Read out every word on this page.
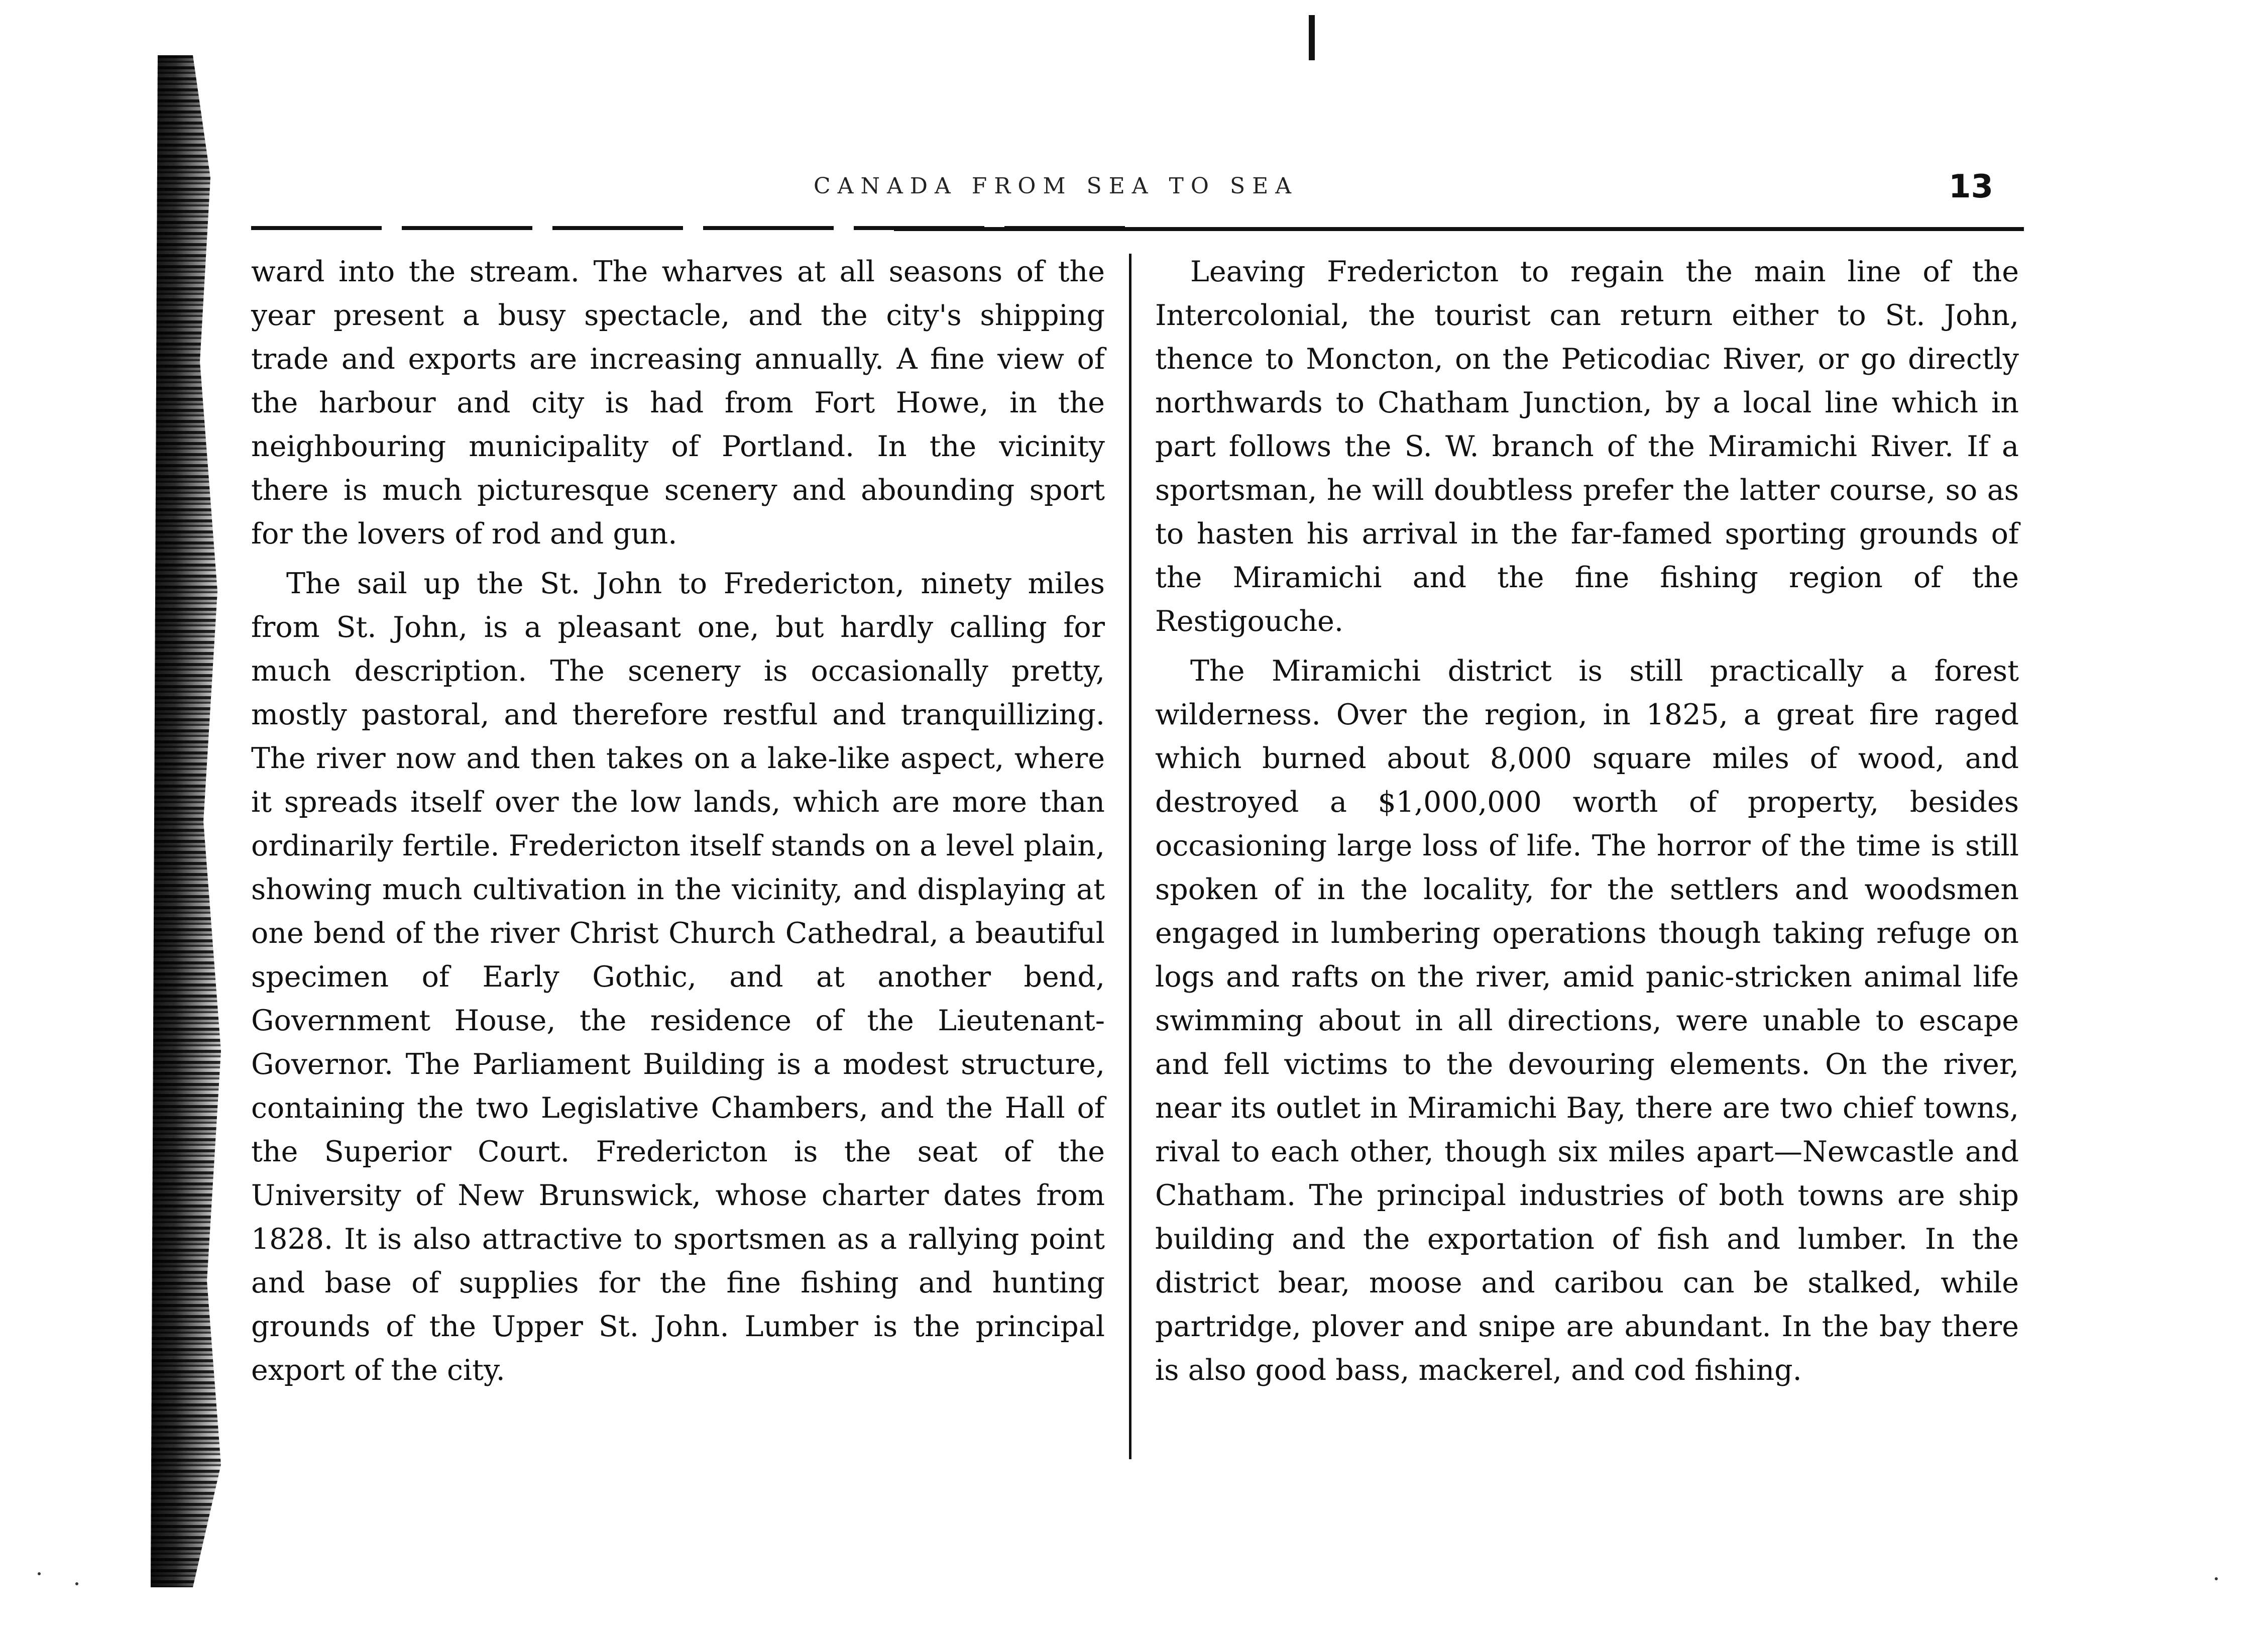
CANADA FROM SEA TO SEA	13

ward into the stream. The wharves at all seasons of the year present a busy spectacle, and the city's shipping trade and exports are increasing annually. A fine view of the harbour and city is had from Fort Howe, in the neighbouring municipality of Portland. In the vicinity there is much picturesque scenery and abounding sport for the lovers of rod and gun.

The sail up the St. John to Fredericton, ninety miles from St. John, is a pleasant one, but hardly calling for much description. The scenery is occasionally pretty, mostly pastoral, and therefore restful and tranquillizing. The river now and then takes on a lake-like aspect, where it spreads itself over the low lands, which are more than ordinarily fertile. Fredericton itself stands on a level plain, showing much cultivation in the vicinity, and displaying at one bend of the river Christ Church Cathedral, a beautiful specimen of Early Gothic, and at another bend, Government House, the residence of the Lieutenant-Governor. The Parliament Building is a modest structure, containing the two Legislative Chambers, and the Hall of the Superior Court. Fredericton is the seat of the University of New Brunswick, whose charter dates from 1828. It is also attractive to sportsmen as a rallying point and base of supplies for the fine fishing and hunting grounds of the Upper St. John. Lumber is the principal export of the city.

Leaving Fredericton to regain the main line of the Intercolonial, the tourist can return either to St. John, thence to Moncton, on the Peticodiac River, or go directly northwards to Chatham Junction, by a local line which in part follows the S. W. branch of the Miramichi River. If a sportsman, he will doubtless prefer the latter course, so as to hasten his arrival in the far-famed sporting grounds of the Miramichi and the fine fishing region of the Restigouche.

The Miramichi district is still practically a forest wilderness. Over the region, in 1825, a great fire raged which burned about 8,000 square miles of wood, and destroyed a $1,000,000 worth of property, besides occasioning large loss of life. The horror of the time is still spoken of in the locality, for the settlers and woodsmen engaged in lumbering operations though taking refuge on logs and rafts on the river, amid panic-stricken animal life swimming about in all directions, were unable to escape and fell victims to the devouring elements. On the river, near its outlet in Miramichi Bay, there are two chief towns, rival to each other, though six miles apart—Newcastle and Chatham. The principal industries of both towns are ship building and the exportation of fish and lumber. In the district bear, moose and caribou can be stalked, while partridge, plover and snipe are abundant. In the bay there is also good bass, mackerel, and cod fishing.
